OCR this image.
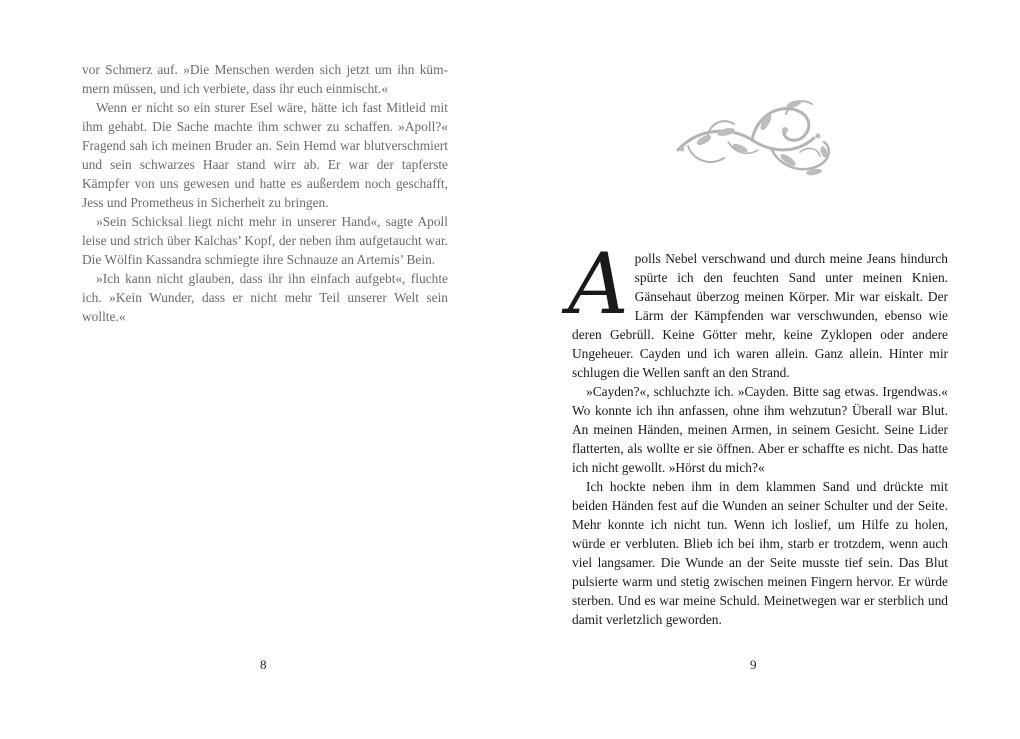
vor Schmerz auf. »Die Menschen werden sich jetzt um ihn kümmern müssen, und ich verbiete, dass ihr euch einmischt.«

Wenn er nicht so ein sturer Esel wäre, hätte ich fast Mitleid mit ihm gehabt. Die Sache machte ihm schwer zu schaffen. »Apoll?« Fragend sah ich meinen Bruder an. Sein Hemd war blutverschmiert und sein schwarzes Haar stand wirr ab. Er war der tapferste Kämpfer von uns gewesen und hatte es außerdem noch geschafft, Jess und Prometheus in Sicherheit zu bringen.

»Sein Schicksal liegt nicht mehr in unserer Hand«, sagte Apoll leise und strich über Kalchas’ Kopf, der neben ihm aufgetaucht war. Die Wölfin Kassandra schmiegte ihre Schnauze an Artemis’ Bein.

»Ich kann nicht glauben, dass ihr ihn einfach aufgebt«, fluchte ich. »Kein Wunder, dass er nicht mehr Teil unserer Welt sein wollte.«

8
A polls Nebel verschwand und durch meine Jeans hindurch spürte ich den feuchten Sand unter meinen Knien. Gänsehaut überzog meinen Körper. Mir war eiskalt. Der Lärm der Kämpfenden war verschwunden, ebenso wie deren Gebrüll. Keine Götter mehr, keine Zyklopen oder andere Ungeheuer. Cayden und ich waren allein. Ganz allein. Hinter mir schlugen die Wellen sanft an den Strand.

»Cayden?«, schluchzte ich. »Cayden. Bitte sag etwas. Irgendwas.« Wo konnte ich ihn anfassen, ohne ihm wehzutun? Überall war Blut. An meinen Händen, meinen Armen, in seinem Gesicht. Seine Lider flatterten, als wollte er sie öffnen. Aber er schaffte es nicht. Das hatte ich nicht gewollt. »Hörst du mich?«

Ich hockte neben ihm in dem klammen Sand und drückte mit beiden Händen fest auf die Wunden an seiner Schulter und der Seite. Mehr konnte ich nicht tun. Wenn ich loslief, um Hilfe zu holen, würde er verbluten. Blieb ich bei ihm, starb er trotzdem, wenn auch viel langsamer. Die Wunde an der Seite musste tief sein. Das Blut pulsierte warm und stetig zwischen meinen Fingern hervor. Er würde sterben. Und es war meine Schuld. Meinetwegen war er sterblich und damit verletzlich geworden.

9
